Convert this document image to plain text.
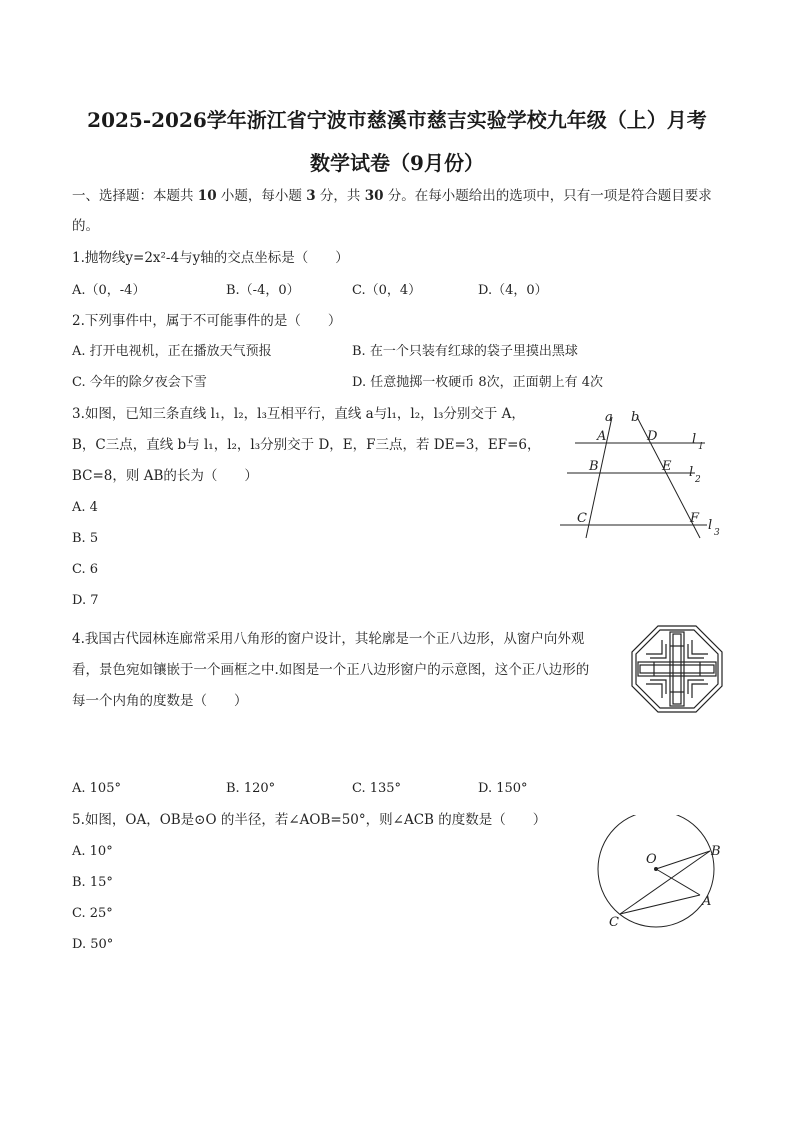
2025-2026学年浙江省宁波市慈溪市慈吉实验学校九年级（上）月考
数学试卷（9月份）
一、选择题：本题共 10 小题，每小题 3 分，共 30 分。在每小题给出的选项中，只有一项是符合题目要求
的。
1.抛物线y=2x²-4与y轴的交点坐标是（　　）
A.（0，-4）	B.（-4，0）	C.（0，4）	D.（4，0）
2.下列事件中，属于不可能事件的是（　　）
A. 打开电视机，正在播放天气预报	B. 在一个只装有红球的袋子里摸出黑球
C. 今年的除夕夜会下雪	D. 任意抛掷一枚硬币 8次，正面朝上有 4次
3.如图，已知三条直线 l₁，l₂，l₃互相平行，直线 a与l₁，l₂，l₃分别交于 A，
B，C三点，直线 b与 l₁，l₂，l₃分别交于 D，E，F三点，若 DE=3，EF=6，
BC=8，则 AB的长为（　　）
A. 4
B. 5
C. 6
D. 7
a b
A	D	l 1
B	E l 2
C	F l 3
4.我国古代园林连廊常采用八角形的窗户设计，其轮廓是一个正八边形，从窗户向外观
看，景色宛如镶嵌于一个画框之中.如图是一个正八边形窗户的示意图，这个正八边形的
每一个内角的度数是（　　）
A. 105°	B. 120°	C. 135°	D. 150°
5.如图，OA，OB是⊙O 的半径，若∠AOB=50°，则∠ACB 的度数是（　　）
A. 10°
B. 15°
C. 25°
D. 50°
O
B
A
C
